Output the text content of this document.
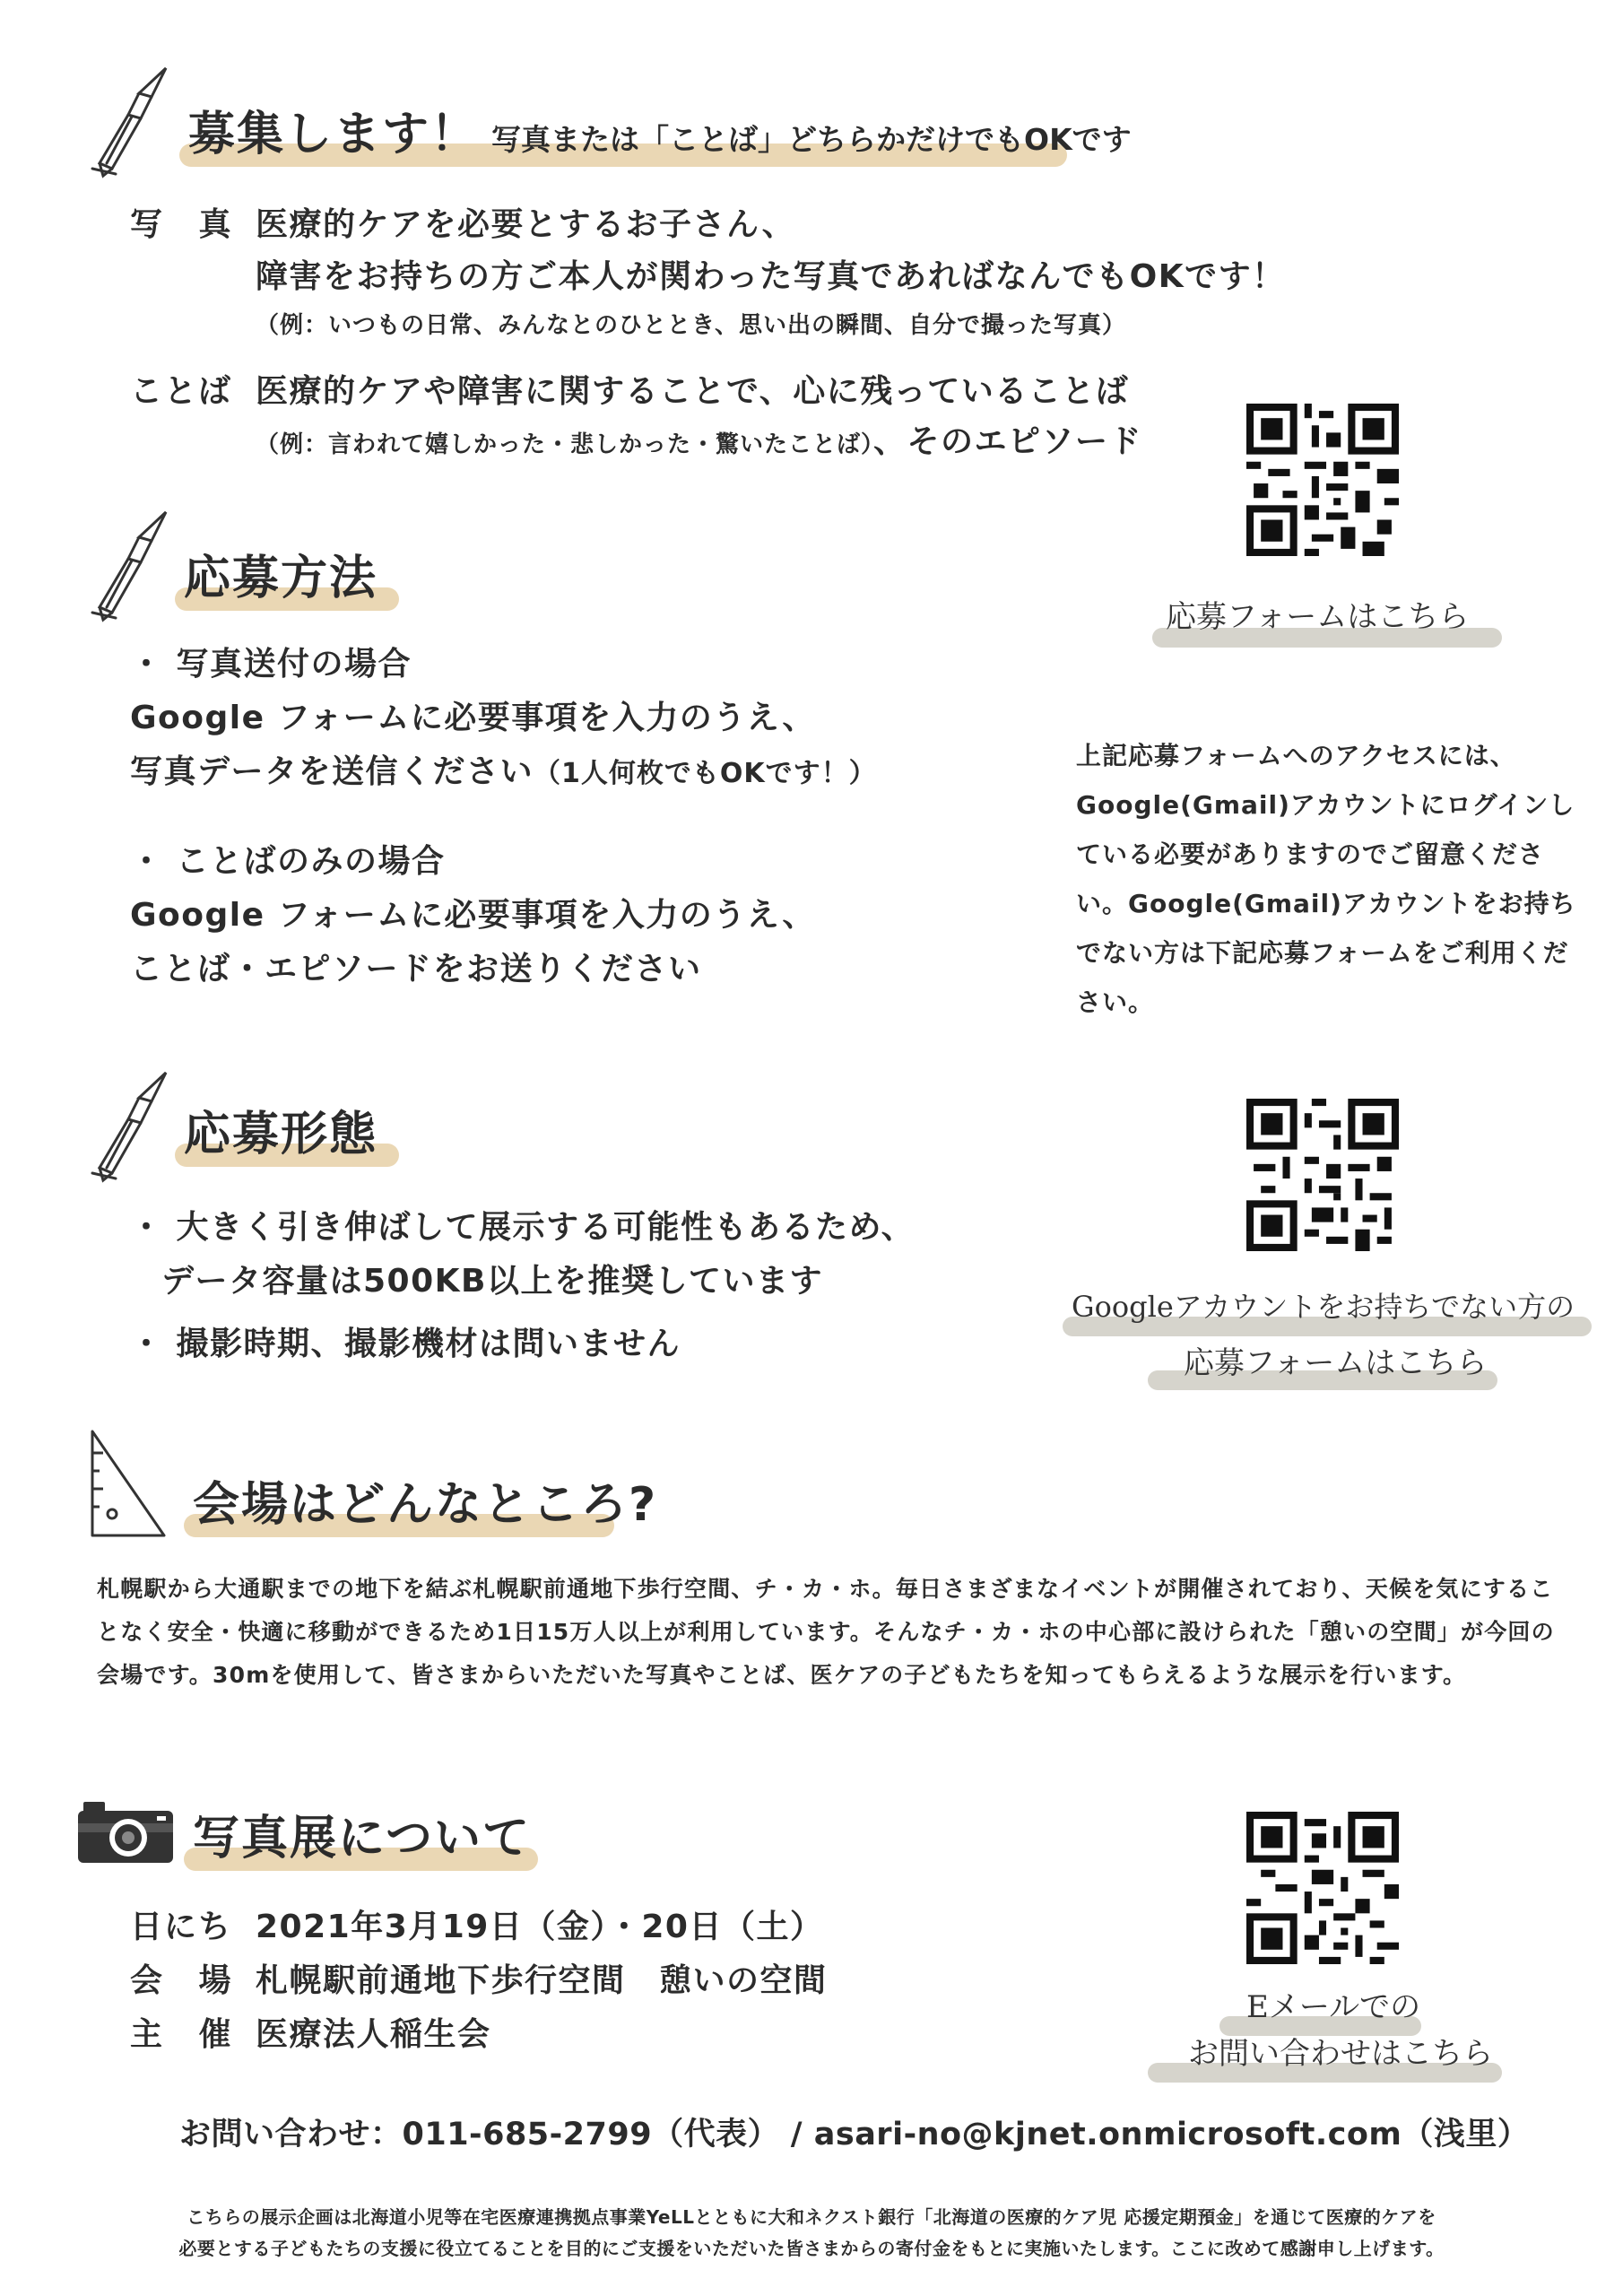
募集します！ 写真または「ことば」どちらかだけでもOKです
写 真 医療的ケアを必要とするお子さん、
障害をお持ちの方ご本人が関わった写真であればなんでもOKです！
（例：いつもの日常、みんなとのひととき、思い出の瞬間、自分で撮った写真）
ことば 医療的ケアや障害に関することで、心に残っていることば
（例：言われて嬉しかった・悲しかった・驚いたことば）、そのエピソード
応募方法
・ 写真送付の場合
Google フォームに必要事項を入力のうえ、
写真データを送信ください（1人何枚でもOKです！）
・ ことばのみの場合
Google フォームに必要事項を入力のうえ、
ことば・エピソードをお送りください
応募フォームはこちら
上記応募フォームへのアクセスには、Google(Gmail)アカウントにログインしている必要がありますのでご留意ください。Google(Gmail)アカウントをお持ちでない方は下記応募フォームをご利用ください。
応募形態
・ 大きく引き伸ばして展示する可能性もあるため、
データ容量は500KB以上を推奨しています
・ 撮影時期、撮影機材は問いません
Googleアカウントをお持ちでない方の
応募フォームはこちら
会場はどんなところ?
札幌駅から大通駅までの地下を結ぶ札幌駅前通地下歩行空間、チ・カ・ホ。毎日さまざまなイベントが開催されており、天候を気にすることなく安全・快適に移動ができるため1日15万人以上が利用しています。そんなチ・カ・ホの中心部に設けられた「憩いの空間」が今回の会場です。30mを使用して、皆さまからいただいた写真やことば、医ケアの子どもたちを知ってもらえるような展示を行います。
写真展について
日にち 2021年3月19日（金）・20日（土）
会 場 札幌駅前通地下歩行空間　憩いの空間
主 催 医療法人稲生会
Eメールでの
お問い合わせはこちら
お問い合わせ：011-685-2799（代表） / asari-no@kjnet.onmicrosoft.com（浅里）
こちらの展示企画は北海道小児等在宅医療連携拠点事業YeLLとともに大和ネクスト銀行「北海道の医療的ケア児 応援定期預金」を通じて医療的ケアを
必要とする子どもたちの支援に役立てることを目的にご支援をいただいた皆さまからの寄付金をもとに実施いたします。ここに改めて感謝申し上げます。
